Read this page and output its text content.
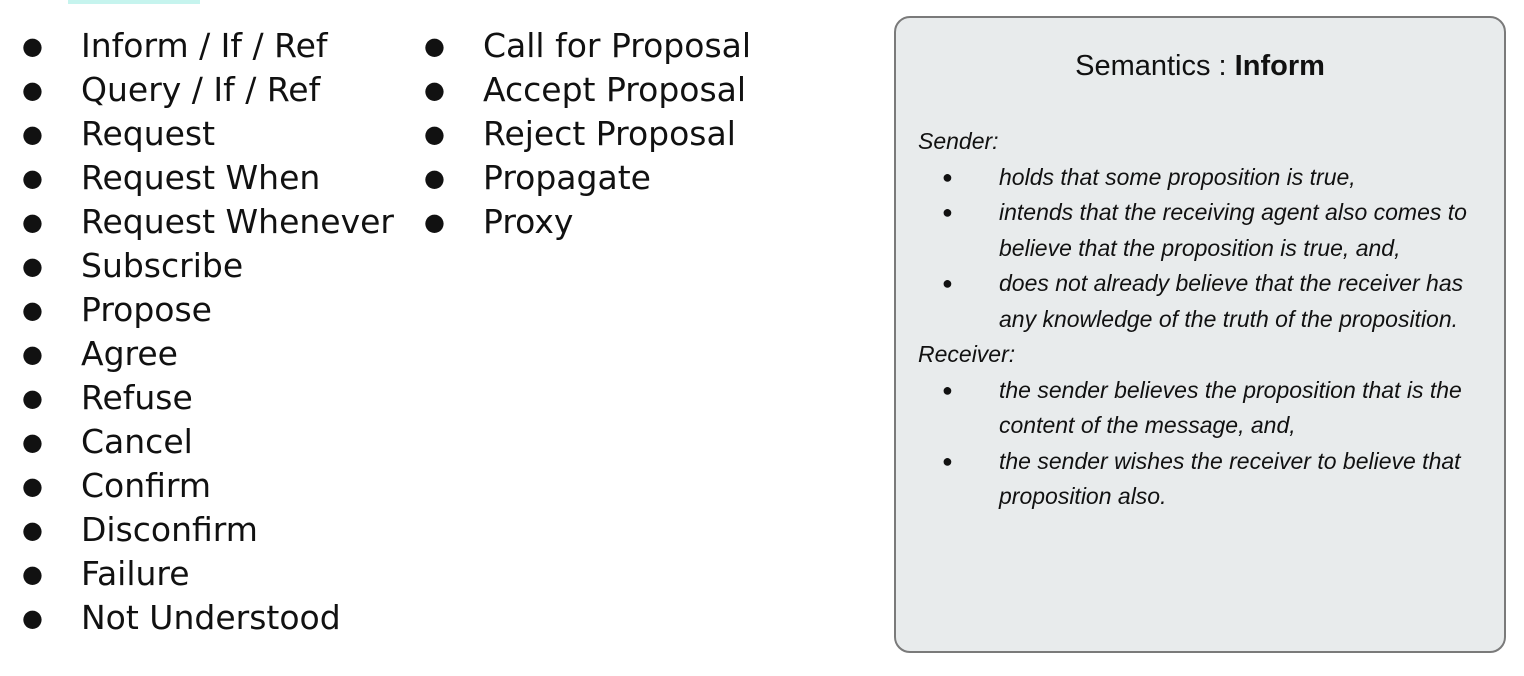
● Inform / If / Ref
● Query / If / Ref
● Request
● Request When
● Request Whenever
● Subscribe
● Propose
● Agree
● Refuse
● Cancel
● Confirm
● Disconfirm
● Failure
● Not Understood
● Call for Proposal
● Accept Proposal
● Reject Proposal
● Propagate
● Proxy
Semantics : Inform
Sender:
● holds that some proposition is true,
● intends that the receiving agent also comes to believe that the proposition is true, and,
● does not already believe that the receiver has any knowledge of the truth of the proposition.
Receiver:
● the sender believes the proposition that is the content of the message, and,
● the sender wishes the receiver to believe that proposition also.
